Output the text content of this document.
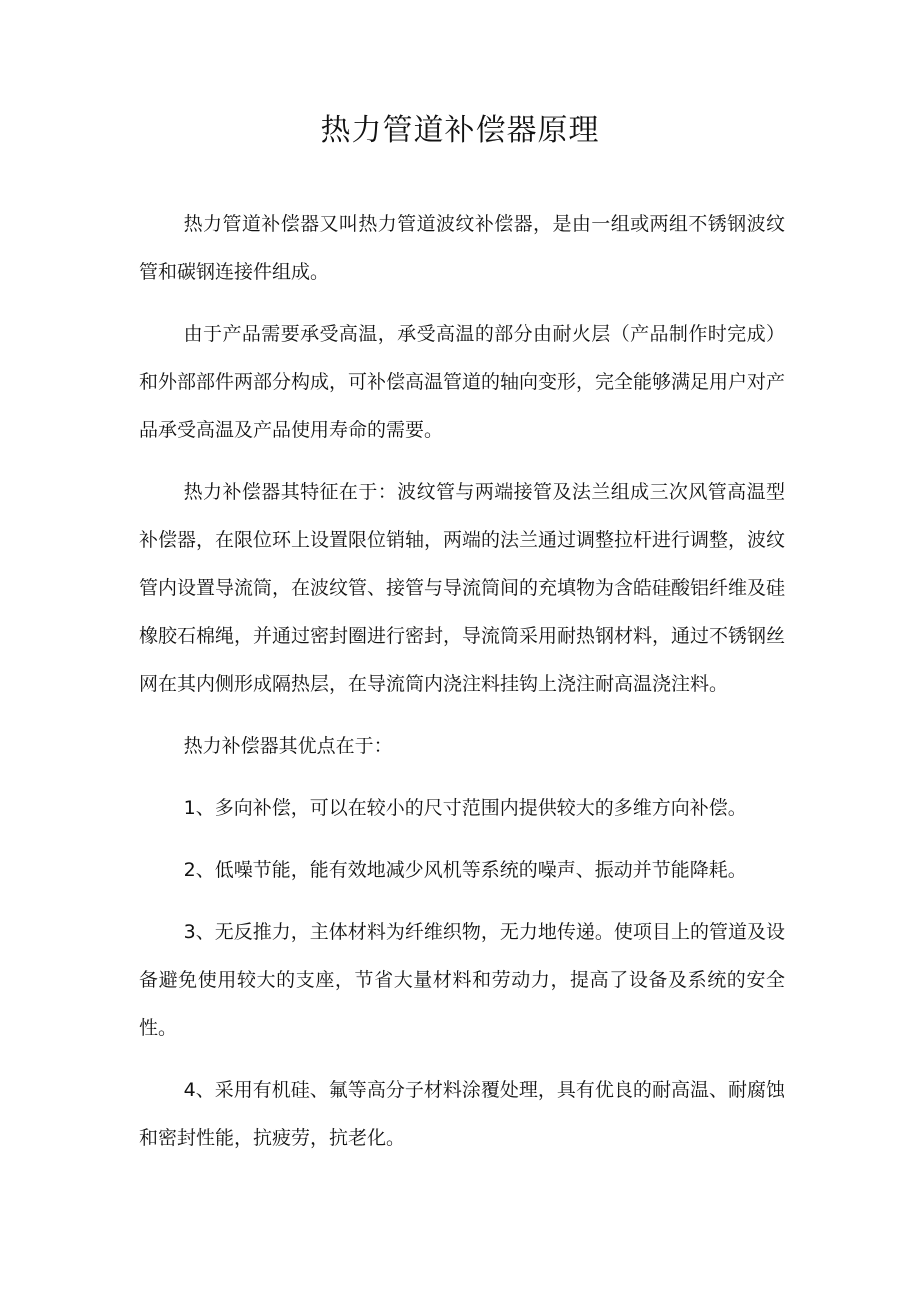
热力管道补偿器原理

热力管道补偿器又叫热力管道波纹补偿器，是由一组或两组不锈钢波纹管和碳钢连接件组成。

由于产品需要承受高温，承受高温的部分由耐火层（产品制作时完成）和外部部件两部分构成，可补偿高温管道的轴向变形，完全能够满足用户对产品承受高温及产品使用寿命的需要。

热力补偿器其特征在于：波纹管与两端接管及法兰组成三次风管高温型补偿器，在限位环上设置限位销轴，两端的法兰通过调整拉杆进行调整，波纹管内设置导流筒，在波纹管、接管与导流筒间的充填物为含皓硅酸铝纤维及硅橡胶石棉绳，并通过密封圈进行密封，导流筒采用耐热钢材料，通过不锈钢丝网在其内侧形成隔热层，在导流筒内浇注料挂钩上浇注耐高温浇注料。

热力补偿器其优点在于：

1、多向补偿，可以在较小的尺寸范围内提供较大的多维方向补偿。

2、低噪节能，能有效地减少风机等系统的噪声、振动并节能降耗。

3、无反推力，主体材料为纤维织物，无力地传递。使项目上的管道及设备避免使用较大的支座，节省大量材料和劳动力，提高了设备及系统的安全性。

4、采用有机硅、氟等高分子材料涂覆处理，具有优良的耐高温、耐腐蚀和密封性能，抗疲劳，抗老化。
